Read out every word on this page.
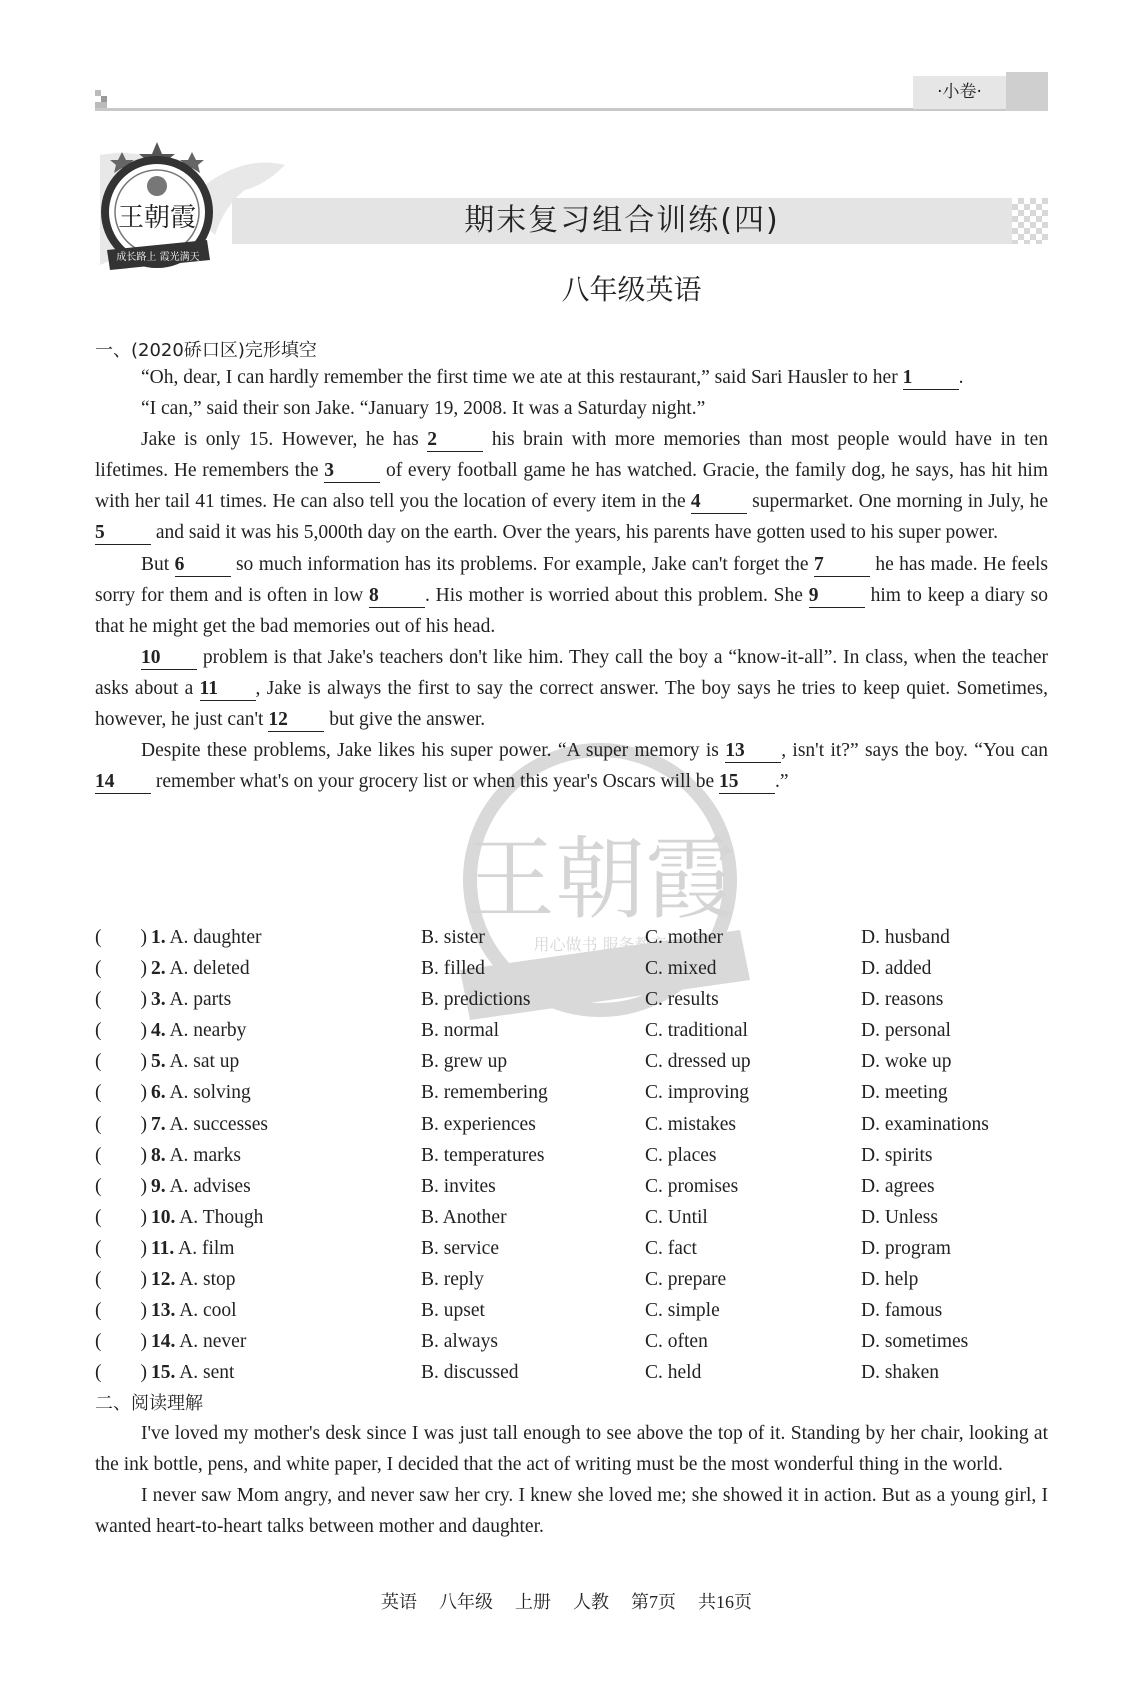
·小卷·
王朝霞
成长路上 霞光满天
期末复习组合训练(四)
八年级英语
王朝霞
用心做书 服务教育
一、(2020硚口区)完形填空

“Oh, dear, I can hardly remember the first time we ate at this restaurant,” said Sari Hausler to her 1 .

“I can,” said their son Jake. “January 19, 2008. It was a Saturday night.”

Jake is only 15. However, he has 2 his brain with more memories than most people would have in ten lifetimes. He remembers the 3 of every football game he has watched. Gracie, the family dog, he says, has hit him with her tail 41 times. He can also tell you the location of every item in the 4 supermarket. One morning in July, he 5 and said it was his 5,000th day on the earth. Over the years, his parents have gotten used to his super power.

But 6 so much information has its problems. For example, Jake can't forget the 7 he has made. He feels sorry for them and is often in low 8 . His mother is worried about this problem. She 9 him to keep a diary so that he might get the bad memories out of his head.

10 problem is that Jake's teachers don't like him. They call the boy a “know-it-all”. In class, when the teacher asks about a 11 , Jake is always the first to say the correct answer. The boy says he tries to keep quiet. Sometimes, however, he just can't 12 but give the answer.

Despite these problems, Jake likes his super power. “A super memory is 13 , isn't it?” says the boy. “You can 14 remember what's on your grocery list or when this year's Oscars will be 15 .”

(        ) 1. A. daughter	B. sister	C. mother	D. husband
(        ) 2. A. deleted	B. filled	C. mixed	D. added
(        ) 3. A. parts	B. predictions	C. results	D. reasons
(        ) 4. A. nearby	B. normal	C. traditional	D. personal
(        ) 5. A. sat up	B. grew up	C. dressed up	D. woke up
(        ) 6. A. solving	B. remembering	C. improving	D. meeting
(        ) 7. A. successes	B. experiences	C. mistakes	D. examinations
(        ) 8. A. marks	B. temperatures	C. places	D. spirits
(        ) 9. A. advises	B. invites	C. promises	D. agrees
(        ) 10. A. Though	B. Another	C. Until	D. Unless
(        ) 11. A. film	B. service	C. fact	D. program
(        ) 12. A. stop	B. reply	C. prepare	D. help
(        ) 13. A. cool	B. upset	C. simple	D. famous
(        ) 14. A. never	B. always	C. often	D. sometimes
(        ) 15. A. sent	B. discussed	C. held	D. shaken
二、阅读理解

I've loved my mother's desk since I was just tall enough to see above the top of it. Standing by her chair, looking at the ink bottle, pens, and white paper, I decided that the act of writing must be the most wonderful thing in the world.

I never saw Mom angry, and never saw her cry. I knew she loved me; she showed it in action. But as a young girl, I wanted heart-to-heart talks between mother and daughter.

英语 八年级 上册 人教 第7页 共16页
